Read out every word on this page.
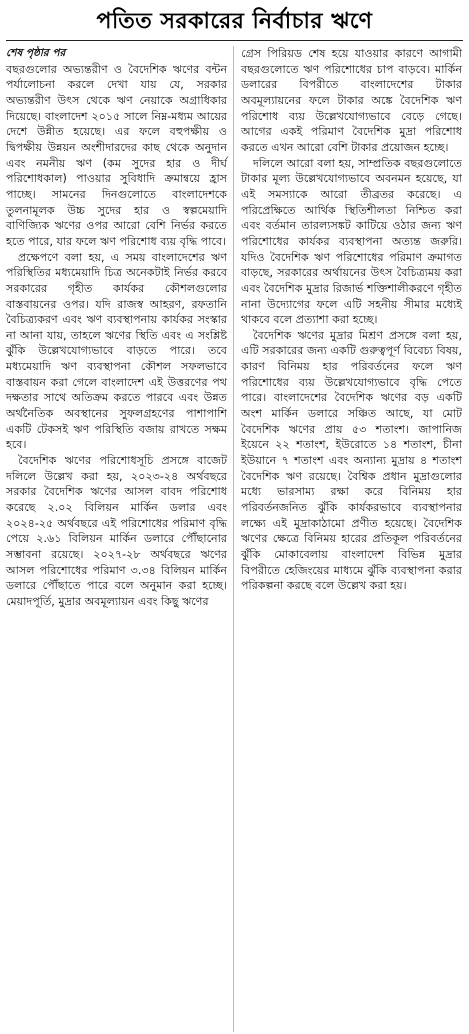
পতিত সরকারের নির্বাচার ঋণে
শেষ পৃষ্ঠার পর

বছরগুলোর অভ্যন্তরীণ ও বৈদেশিক ঋণের বন্টন পর্যালোচনা করলে দেখা যায় যে, সরকার অভ্যন্তরীণ উৎস থেকে ঋণ নেয়াকে অগ্রাধিকার দিয়েছে। বাংলাদেশ ২০১৫ সালে নিম্ন-মধ্যম আয়ের দেশে উন্নীত হয়েছে। এর ফলে বহুপক্ষীয় ও দ্বিপক্ষীয় উন্নয়ন অংশীদারদের কাছ থেকে অনুদান এবং নমনীয় ঋণ (কম সুদের হার ও দীর্ঘ পরিশোধকাল) পাওয়ার সুবিধাদি ক্রমান্বয়ে হ্রাস পাচ্ছে। সামনের দিনগুলোতে বাংলাদেশকে তুলনামূলক উচ্চ সুদের হার ও স্বল্পমেয়াদি বাণিজ্যিক ঋণের ওপর আরো বেশি নির্ভর করতে হতে পারে, যার ফলে ঋণ পরিশোধ ব্যয় বৃদ্ধি পাবে।

প্রক্ষেপণে বলা হয়, এ সময় বাংলাদেশের ঋণ পরিস্থিতির মধ্যমেয়াদি চিত্র অনেকটাই নির্ভর করবে সরকারের গৃহীত কার্যকর কৌশলগুলোর বাস্তবায়নের ওপর। যদি রাজস্ব আহরণ, রফতানি বৈচিত্র্যকরণ এবং ঋণ ব্যবস্থাপনায় কার্যকর সংস্কার না আনা যায়, তাহলে ঋণের স্থিতি এবং এ সংশ্লিষ্ট ঝুঁকি উল্লেখযোগ্যভাবে বাড়তে পারে। তবে মধ্যমেয়াদি ঋণ ব্যবস্থাপনা কৌশল সফলভাবে বাস্তবায়ন করা গেলে বাংলাদেশ এই উত্তরণের পথ দক্ষতার সাথে অতিক্রম করতে পারবে এবং উন্নত অর্থনৈতিক অবস্থানের সুফলগ্রহণের পাশাপাশি একটি টেকসই ঋণ পরিস্থিতি বজায় রাখতে সক্ষম হবে।

বৈদেশিক ঋণের পরিশোধসূচি প্রসঙ্গে বাজেট দলিলে উল্লেখ করা হয়, ২০২৩-২৪ অর্থবছরে সরকার বৈদেশিক ঋণের আসল বাবদ পরিশোধ করেছে ২.০২ বিলিয়ন মার্কিন ডলার এবং ২০২৪-২৫ অর্থবছরে এই পরিশোধের পরিমাণ বৃদ্ধি পেয়ে ২.৬১ বিলিয়ন মার্কিন ডলারে পৌঁছানোর সম্ভাবনা রয়েছে। ২০২৭-২৮ অর্থবছরে ঋণের আসল পরিশোধের পরিমাণ ৩.৩৪ বিলিয়ন মার্কিন ডলারে পৌঁছাতে পারে বলে অনুমান করা হচ্ছে। মেয়াদপূর্তি, মুদ্রার অবমূল্যায়ন এবং কিছু ঋণের

গ্রেস পিরিয়ড শেষ হয়ে যাওয়ার কারণে আগামী বছরগুলোতে ঋণ পরিশোধের চাপ বাড়বে। মার্কিন ডলারের বিপরীতে বাংলাদেশের টাকার অবমূল্যায়নের ফলে টাকার অঙ্কে বৈদেশিক ঋণ পরিশোধ ব্যয় উল্লেখযোগ্যভাবে বেড়ে গেছে। আগের একই পরিমাণ বৈদেশিক মুদ্রা পরিশোধ করতে এখন আরো বেশি টাকার প্রয়োজন হচ্ছে।

দলিলে আরো বলা হয়, সাম্প্রতিক বছরগুলোতে টাকার মূল্য উল্লেখযোগ্যভাবে অবনমন হয়েছে, যা এই সমস্যাকে আরো তীব্রতর করেছে। এ পরিপ্রেক্ষিতে আর্থিক স্থিতিশীলতা নিশ্চিত করা এবং বর্তমান তারল্যসঙ্কট কাটিয়ে ওঠার জন্য ঋণ পরিশোধের কার্যকর ব্যবস্থাপনা অত্যন্ত জরুরি। যদিও বৈদেশিক ঋণ পরিশোধের পরিমাণ ক্রমাগত বাড়ছে, সরকারের অর্থায়নের উৎস বৈচিত্র্যময় করা এবং বৈদেশিক মুদ্রার রিজার্ভ শক্তিশালীকরণে গৃহীত নানা উদ্যোগের ফলে এটি সহনীয় সীমার মধ্যেই থাকবে বলে প্রত্যাশা করা হচ্ছে।

বৈদেশিক ঋণের মুদ্রার মিশ্রণ প্রসঙ্গে বলা হয়, এটি সরকারের জন্য একটি গুরুত্বপূর্ণ বিবেচ্য বিষয়, কারণ বিনিময় হার পরিবর্তনের ফলে ঋণ পরিশোধের ব্যয় উল্লেখযোগ্যভাবে বৃদ্ধি পেতে পারে। বাংলাদেশের বৈদেশিক ঋণের বড় একটি অংশ মার্কিন ডলারে সঞ্চিত আছে, যা মোট বৈদেশিক ঋণের প্রায় ৫৩ শতাংশ। জাপানিজ ইয়েনে ২২ শতাংশ, ইউরোতে ১৪ শতাংশ, চীনা ইউয়ানে ৭ শতাংশ এবং অন্যান্য মুদ্রায় ৪ শতাংশ বৈদেশিক ঋণ রয়েছে। বৈশ্বিক প্রধান মুদ্রাগুলোর মধ্যে ভারসাম্য রক্ষা করে বিনিময় হার পরিবর্তনজনিত ঝুঁকি কার্যকরভাবে ব্যবস্থাপনার লক্ষ্যে এই মুদ্রাকাঠামো প্রণীত হয়েছে। বৈদেশিক ঋণের ক্ষেত্রে বিনিময় হারের প্রতিকূল পরিবর্তনের ঝুঁকি মোকাবেলায় বাংলাদেশ বিভিন্ন মুদ্রার বিপরীতে হেজিংয়ের মাধ্যমে ঝুঁকি ব্যবস্থাপনা করার পরিকল্পনা করছে বলে উল্লেখ করা হয়।
